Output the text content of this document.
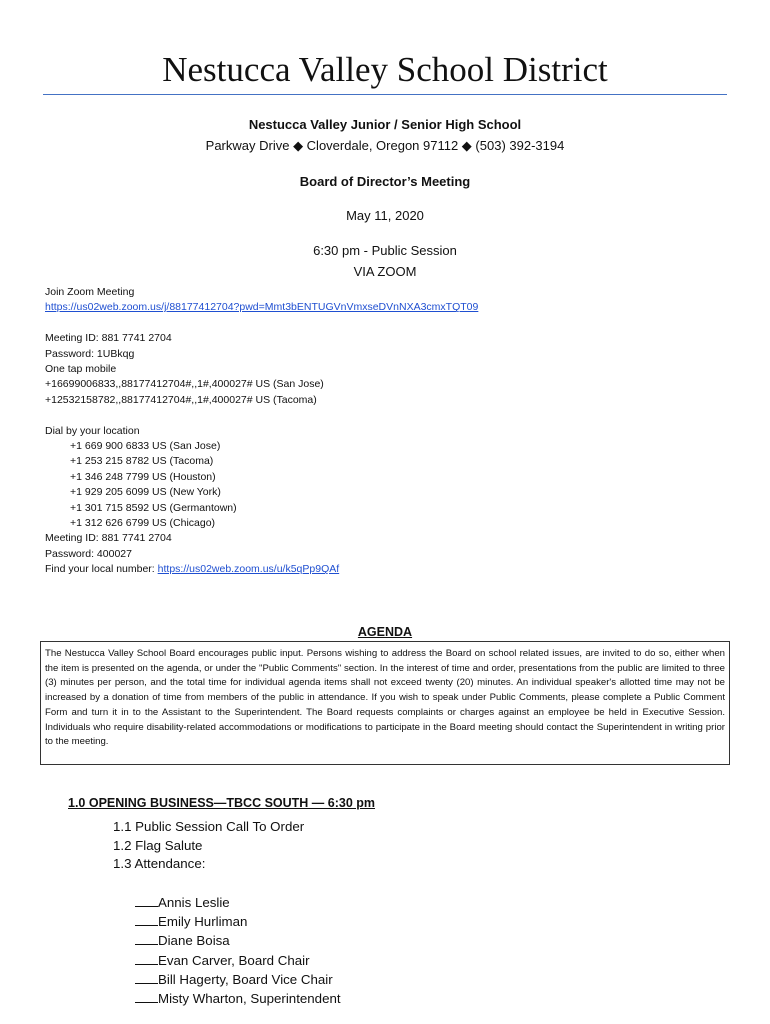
Nestucca Valley School District
Nestucca Valley Junior / Senior High School
Parkway Drive ◆ Cloverdale, Oregon 97112 ◆ (503) 392-3194
Board of Director’s Meeting
May 11, 2020
6:30 pm - Public Session
VIA ZOOM
Join Zoom Meeting
https://us02web.zoom.us/j/88177412704?pwd=Mmt3bENTUGVnVmxseDVnNXA3cmxTQT09
Meeting ID: 881 7741 2704
Password: 1UBkqg
One tap mobile
+16699006833,,88177412704#,,1#,400027# US (San Jose)
+12532158782,,88177412704#,,1#,400027# US (Tacoma)
Dial by your location
+1 669 900 6833 US (San Jose)
+1 253 215 8782 US (Tacoma)
+1 346 248 7799 US (Houston)
+1 929 205 6099 US (New York)
+1 301 715 8592 US (Germantown)
+1 312 626 6799 US (Chicago)
Meeting ID: 881 7741 2704
Password: 400027
Find your local number: https://us02web.zoom.us/u/k5qPp9QAf
AGENDA
The Nestucca Valley School Board encourages public input. Persons wishing to address the Board on school related issues, are invited to do so, either when the item is presented on the agenda, or under the "Public Comments" section. In the interest of time and order, presentations from the public are limited to three (3) minutes per person, and the total time for individual agenda items shall not exceed twenty (20) minutes. An individual speaker's allotted time may not be increased by a donation of time from members of the public in attendance. If you wish to speak under Public Comments, please complete a Public Comment Form and turn it in to the Assistant to the Superintendent. The Board requests complaints or charges against an employee be held in Executive Session. Individuals who require disability-related accommodations or modifications to participate in the Board meeting should contact the Superintendent in writing prior to the meeting.
1.0 OPENING BUSINESS—TBCC SOUTH — 6:30 pm
1.1 Public Session Call To Order
1.2 Flag Salute
1.3 Attendance:
Annis Leslie
Emily Hurliman
Diane Boisa
Evan Carver, Board Chair
Bill Hagerty, Board Vice Chair
Misty Wharton, Superintendent
